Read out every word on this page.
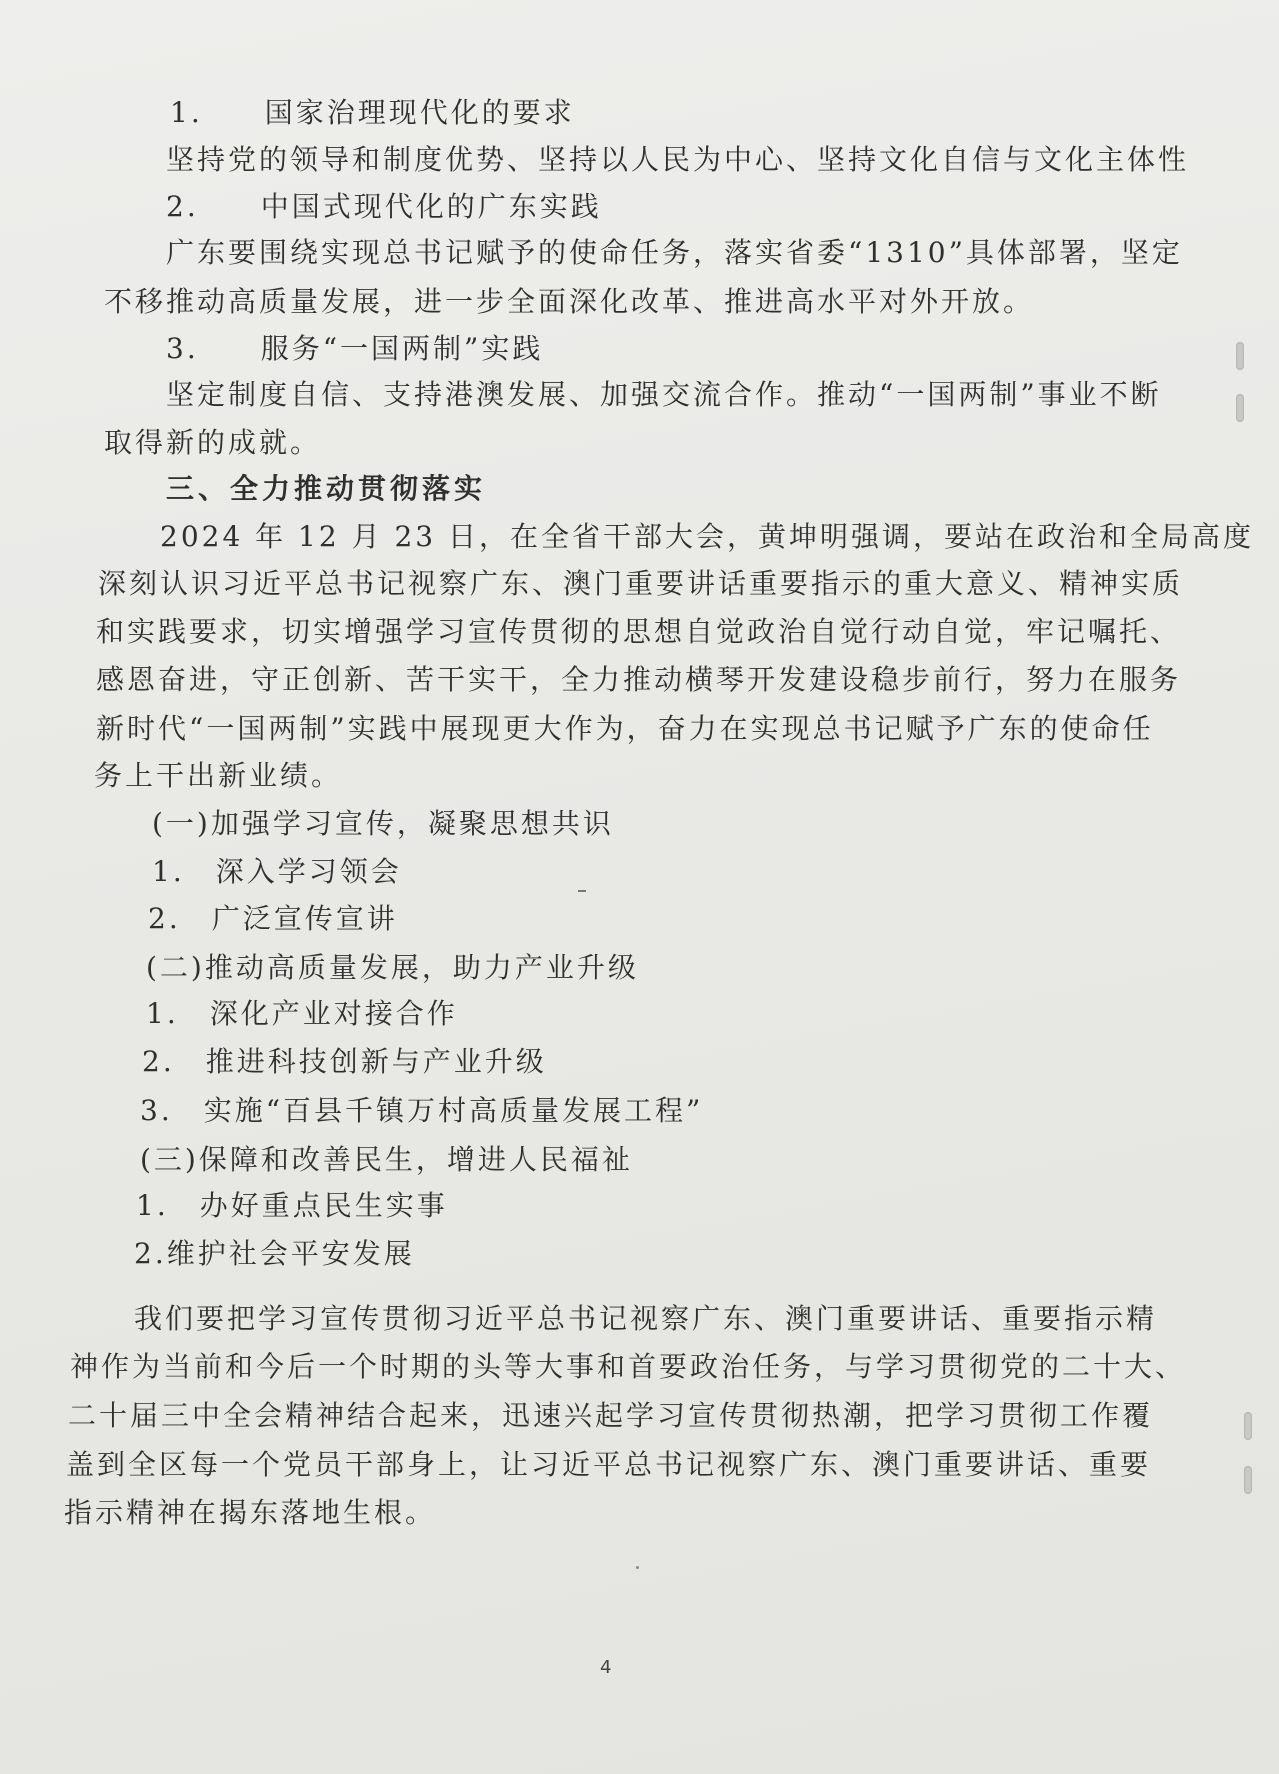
1.　　国家治理现代化的要求
坚持党的领导和制度优势、坚持以人民为中心、坚持文化自信与文化主体性
2.　　中国式现代化的广东实践
广东要围绕实现总书记赋予的使命任务，落实省委“1310”具体部署，坚定
不移推动高质量发展，进一步全面深化改革、推进高水平对外开放。
3.　　服务“一国两制”实践
坚定制度自信、支持港澳发展、加强交流合作。推动“一国两制”事业不断
取得新的成就。
三、全力推动贯彻落实
2024 年 12 月 23 日，在全省干部大会，黄坤明强调，要站在政治和全局高度
深刻认识习近平总书记视察广东、澳门重要讲话重要指示的重大意义、精神实质
和实践要求，切实增强学习宣传贯彻的思想自觉政治自觉行动自觉，牢记嘱托、
感恩奋进，守正创新、苦干实干，全力推动横琴开发建设稳步前行，努力在服务
新时代“一国两制”实践中展现更大作为，奋力在实现总书记赋予广东的使命任
务上干出新业绩。
(一)加强学习宣传，凝聚思想共识
1.　深入学习领会
2.　广泛宣传宣讲
(二)推动高质量发展，助力产业升级
1.　深化产业对接合作
2.　推进科技创新与产业升级
3.　实施“百县千镇万村高质量发展工程”
(三)保障和改善民生，增进人民福祉
1.　办好重点民生实事
2.维护社会平安发展
我们要把学习宣传贯彻习近平总书记视察广东、澳门重要讲话、重要指示精
神作为当前和今后一个时期的头等大事和首要政治任务，与学习贯彻党的二十大、
二十届三中全会精神结合起来，迅速兴起学习宣传贯彻热潮，把学习贯彻工作覆
盖到全区每一个党员干部身上，让习近平总书记视察广东、澳门重要讲话、重要
指示精神在揭东落地生根。
4
